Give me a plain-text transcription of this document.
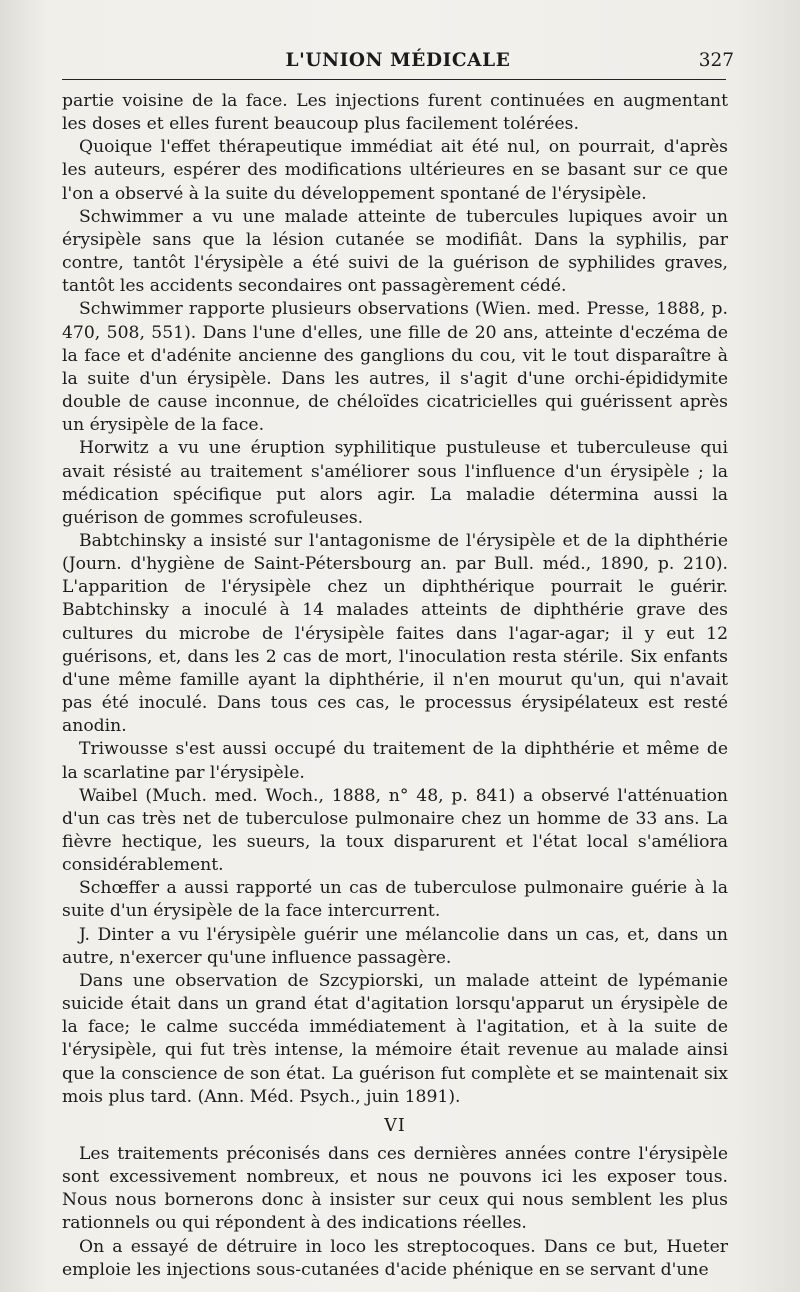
L'UNION MÉDICALE	327

partie voisine de la face. Les injections furent continuées en augmentant les doses et elles furent beaucoup plus facilement tolérées.

Quoique l'effet thérapeutique immédiat ait été nul, on pourrait, d'après les auteurs, espérer des modifications ultérieures en se basant sur ce que l'on a observé à la suite du développement spontané de l'érysipèle.

Schwimmer a vu une malade atteinte de tubercules lupiques avoir un érysipèle sans que la lésion cutanée se modifiât. Dans la syphilis, par contre, tantôt l'érysipèle a été suivi de la guérison de syphilides graves, tantôt les accidents secondaires ont passagèrement cédé.

Schwimmer rapporte plusieurs observations (Wien. med. Presse, 1888, p. 470, 508, 551). Dans l'une d'elles, une fille de 20 ans, atteinte d'eczéma de la face et d'adénite ancienne des ganglions du cou, vit le tout disparaître à la suite d'un érysipèle. Dans les autres, il s'agit d'une orchi-épididymite double de cause inconnue, de chéloïdes cicatricielles qui guérissent après un érysipèle de la face.

Horwitz a vu une éruption syphilitique pustuleuse et tuberculeuse qui avait résisté au traitement s'améliorer sous l'influence d'un érysipèle ; la médication spécifique put alors agir. La maladie détermina aussi la guérison de gommes scrofuleuses.

Babtchinsky a insisté sur l'antagonisme de l'érysipèle et de la diphthérie (Journ. d'hygiène de Saint-Pétersbourg an. par Bull. méd., 1890, p. 210). L'apparition de l'érysipèle chez un diphthérique pourrait le guérir. Babtchinsky a inoculé à 14 malades atteints de diphthérie grave des cultures du microbe de l'érysipèle faites dans l'agar-agar; il y eut 12 guérisons, et, dans les 2 cas de mort, l'inoculation resta stérile. Six enfants d'une même famille ayant la diphthérie, il n'en mourut qu'un, qui n'avait pas été inoculé. Dans tous ces cas, le processus érysipélateux est resté anodin.

Triwousse s'est aussi occupé du traitement de la diphthérie et même de la scarlatine par l'érysipèle.

Waibel (Much. med. Woch., 1888, n° 48, p. 841) a observé l'atténuation d'un cas très net de tuberculose pulmonaire chez un homme de 33 ans. La fièvre hectique, les sueurs, la toux disparurent et l'état local s'améliora considérablement.

Schœffer a aussi rapporté un cas de tuberculose pulmonaire guérie à la suite d'un érysipèle de la face intercurrent.

J. Dinter a vu l'érysipèle guérir une mélancolie dans un cas, et, dans un autre, n'exercer qu'une influence passagère.

Dans une observation de Szcypiorski, un malade atteint de lypémanie suicide était dans un grand état d'agitation lorsqu'apparut un érysipèle de la face; le calme succéda immédiatement à l'agitation, et à la suite de l'érysipèle, qui fut très intense, la mémoire était revenue au malade ainsi que la conscience de son état. La guérison fut complète et se maintenait six mois plus tard. (Ann. Méd. Psych., juin 1891).

VI

Les traitements préconisés dans ces dernières années contre l'érysipèle sont excessivement nombreux, et nous ne pouvons ici les exposer tous. Nous nous bornerons donc à insister sur ceux qui nous semblent les plus rationnels ou qui répondent à des indications réelles.

On a essayé de détruire in loco les streptocoques. Dans ce but, Hueter emploie les injections sous-cutanées d'acide phénique en se servant d'une
